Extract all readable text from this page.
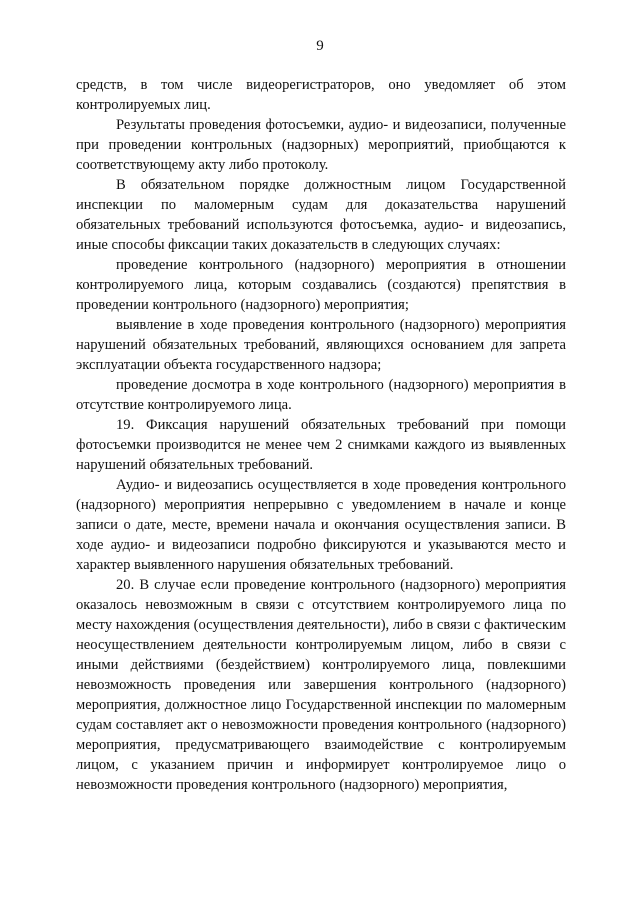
9

средств, в том числе видеорегистраторов, оно уведомляет об этом контролируемых лиц.

Результаты проведения фотосъемки, аудио- и видеозаписи, полученные при проведении контрольных (надзорных) мероприятий, приобщаются к соответствующему акту либо протоколу.

В обязательном порядке должностным лицом Государственной инспекции по маломерным судам для доказательства нарушений обязательных требований используются фотосъемка, аудио- и видеозапись, иные способы фиксации таких доказательств в следующих случаях:

проведение контрольного (надзорного) мероприятия в отношении контролируемого лица, которым создавались (создаются) препятствия в проведении контрольного (надзорного) мероприятия;

выявление в ходе проведения контрольного (надзорного) мероприятия нарушений обязательных требований, являющихся основанием для запрета эксплуатации объекта государственного надзора;

проведение досмотра в ходе контрольного (надзорного) мероприятия в отсутствие контролируемого лица.

19. Фиксация нарушений обязательных требований при помощи фотосъемки производится не менее чем 2 снимками каждого из выявленных нарушений обязательных требований.

Аудио- и видеозапись осуществляется в ходе проведения контрольного (надзорного) мероприятия непрерывно с уведомлением в начале и конце записи о дате, месте, времени начала и окончания осуществления записи. В ходе аудио- и видеозаписи подробно фиксируются и указываются место и характер выявленного нарушения обязательных требований.

20. В случае если проведение контрольного (надзорного) мероприятия оказалось невозможным в связи с отсутствием контролируемого лица по месту нахождения (осуществления деятельности), либо в связи с фактическим неосуществлением деятельности контролируемым лицом, либо в связи с иными действиями (бездействием) контролируемого лица, повлекшими невозможность проведения или завершения контрольного (надзорного) мероприятия, должностное лицо Государственной инспекции по маломерным судам составляет акт о невозможности проведения контрольного (надзорного) мероприятия, предусматривающего взаимодействие с контролируемым лицом, с указанием причин и информирует контролируемое лицо о невозможности проведения контрольного (надзорного) мероприятия,
